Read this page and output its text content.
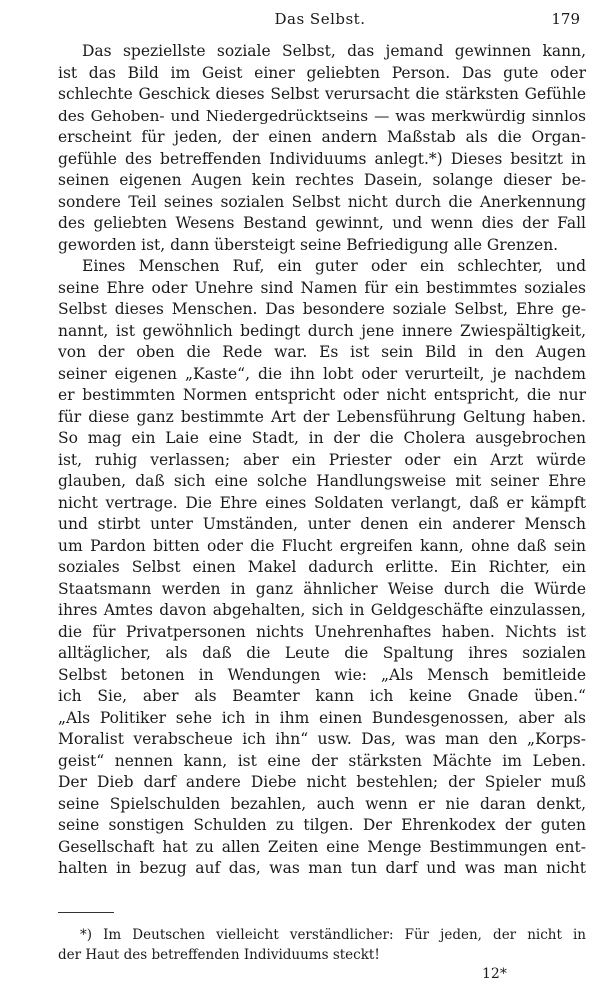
Das Selbst.	179
Das speziellste soziale Selbst, das jemand gewinnen kann,
ist das Bild im Geist einer geliebten Person. Das gute oder
schlechte Geschick dieses Selbst verursacht die stärksten Gefühle
des Gehoben- und Niedergedrücktseins — was merkwürdig sinnlos
erscheint für jeden, der einen andern Maßstab als die Organ-
gefühle des betreffenden Individuums anlegt.*) Dieses besitzt in
seinen eigenen Augen kein rechtes Dasein, solange dieser be-
sondere Teil seines sozialen Selbst nicht durch die Anerkennung
des geliebten Wesens Bestand gewinnt, und wenn dies der Fall
geworden ist, dann übersteigt seine Befriedigung alle Grenzen.
Eines Menschen Ruf, ein guter oder ein schlechter, und
seine Ehre oder Unehre sind Namen für ein bestimmtes soziales
Selbst dieses Menschen. Das besondere soziale Selbst, Ehre ge-
nannt, ist gewöhnlich bedingt durch jene innere Zwiespältigkeit,
von der oben die Rede war. Es ist sein Bild in den Augen
seiner eigenen „Kaste“, die ihn lobt oder verurteilt, je nachdem
er bestimmten Normen entspricht oder nicht entspricht, die nur
für diese ganz bestimmte Art der Lebensführung Geltung haben.
So mag ein Laie eine Stadt, in der die Cholera ausgebrochen
ist, ruhig verlassen; aber ein Priester oder ein Arzt würde
glauben, daß sich eine solche Handlungsweise mit seiner Ehre
nicht vertrage. Die Ehre eines Soldaten verlangt, daß er kämpft
und stirbt unter Umständen, unter denen ein anderer Mensch
um Pardon bitten oder die Flucht ergreifen kann, ohne daß sein
soziales Selbst einen Makel dadurch erlitte. Ein Richter, ein
Staatsmann werden in ganz ähnlicher Weise durch die Würde
ihres Amtes davon abgehalten, sich in Geldgeschäfte einzulassen,
die für Privatpersonen nichts Unehrenhaftes haben. Nichts ist
alltäglicher, als daß die Leute die Spaltung ihres sozialen
Selbst betonen in Wendungen wie: „Als Mensch bemitleide
ich Sie, aber als Beamter kann ich keine Gnade üben.“
„Als Politiker sehe ich in ihm einen Bundesgenossen, aber als
Moralist verabscheue ich ihn“ usw. Das, was man den „Korps-
geist“ nennen kann, ist eine der stärksten Mächte im Leben.
Der Dieb darf andere Diebe nicht bestehlen; der Spieler muß
seine Spielschulden bezahlen, auch wenn er nie daran denkt,
seine sonstigen Schulden zu tilgen. Der Ehrenkodex der guten
Gesellschaft hat zu allen Zeiten eine Menge Bestimmungen ent-
halten in bezug auf das, was man tun darf und was man nicht
*) Im Deutschen vielleicht verständlicher: Für jeden, der nicht in
der Haut des betreffenden Individuums steckt!
12*
